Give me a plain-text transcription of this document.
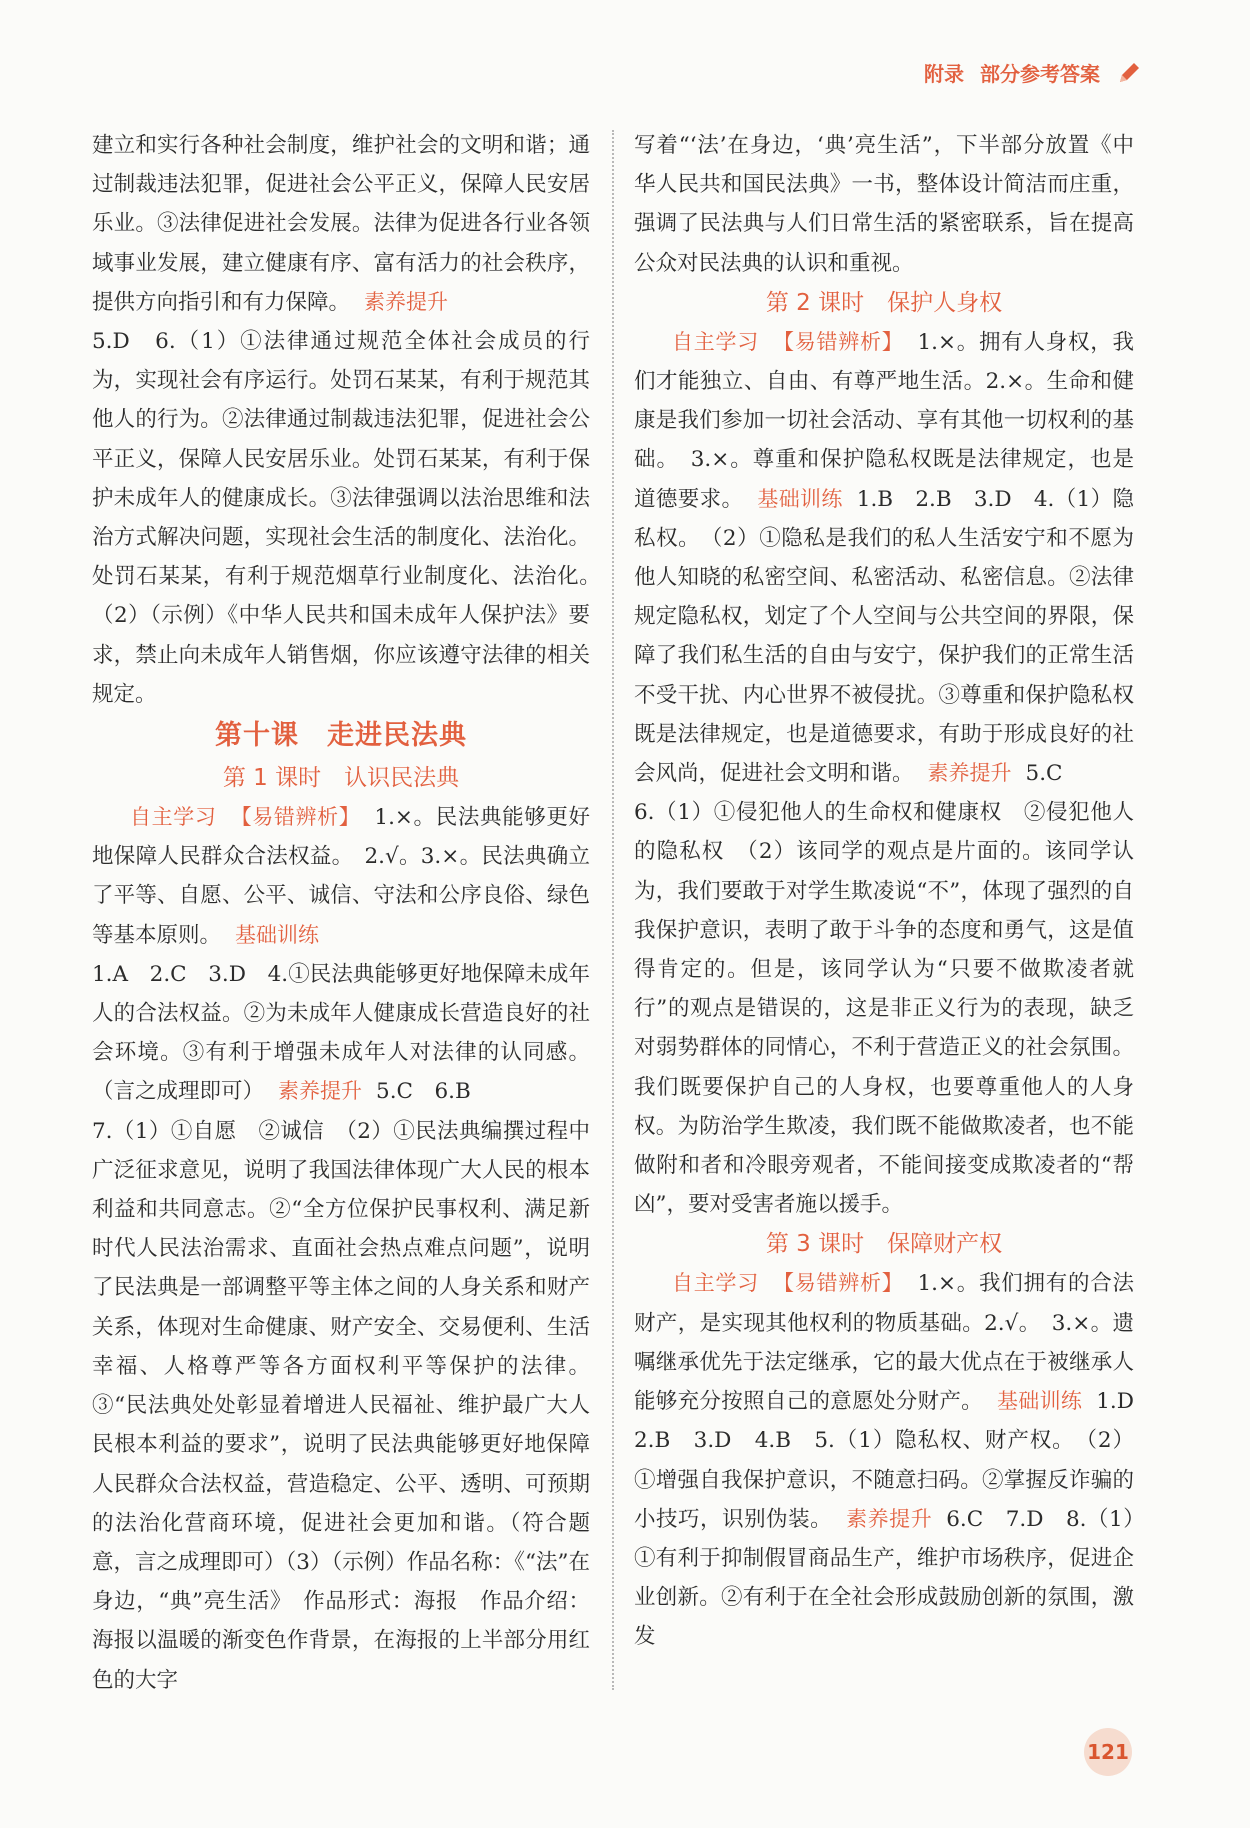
附录 部分参考答案

建立和实行各种社会制度，维护社会的文明和谐；通过制裁违法犯罪，促进社会公平正义，保障人民安居乐业。③法律促进社会发展。法律为促进各行业各领域事业发展，建立健康有序、富有活力的社会秩序，提供方向指引和有力保障。 素养提升

5.D　6.（1）①法律通过规范全体社会成员的行为，实现社会有序运行。处罚石某某，有利于规范其他人的行为。②法律通过制裁违法犯罪，促进社会公平正义，保障人民安居乐业。处罚石某某，有利于保护未成年人的健康成长。③法律强调以法治思维和法治方式解决问题，实现社会生活的制度化、法治化。处罚石某某，有利于规范烟草行业制度化、法治化。　（2）（示例）《中华人民共和国未成年人保护法》要求，禁止向未成年人销售烟，你应该遵守法律的相关规定。

第十课　走进民法典
第 1 课时　认识民法典

自主学习 【易错辨析】 1.×。民法典能够更好地保障人民群众合法权益。　2.√。3.×。民法典确立了平等、自愿、公平、诚信、守法和公序良俗、绿色等基本原则。 基础训练

1.A　2.C　3.D　4.①民法典能够更好地保障未成年人的合法权益。②为未成年人健康成长营造良好的社会环境。③有利于增强未成年人对法律的认同感。（言之成理即可） 素养提升 5.C　6.B

7.（1）①自愿　②诚信　（2）①民法典编撰过程中广泛征求意见，说明了我国法律体现广大人民的根本利益和共同意志。②“全方位保护民事权利、满足新时代人民法治需求、直面社会热点难点问题”，说明了民法典是一部调整平等主体之间的人身关系和财产关系，体现对生命健康、财产安全、交易便利、生活幸福、人格尊严等各方面权利平等保护的法律。③“民法典处处彰显着增进人民福祉、维护最广大人民根本利益的要求”，说明了民法典能够更好地保障人民群众合法权益，营造稳定、公平、透明、可预期的法治化营商环境，促进社会更加和谐。（符合题意，言之成理即可）（3）（示例）作品名称：《“法”在身边，“典”亮生活》　作品形式：海报　作品介绍：海报以温暖的渐变色作背景，在海报的上半部分用红色的大字

写着“‘法’在身边，‘典’亮生活”，下半部分放置《中华人民共和国民法典》一书，整体设计简洁而庄重，强调了民法典与人们日常生活的紧密联系，旨在提高公众对民法典的认识和重视。

第 2 课时　保护人身权

自主学习 【易错辨析】 1.×。拥有人身权，我们才能独立、自由、有尊严地生活。2.×。生命和健康是我们参加一切社会活动、享有其他一切权利的基础。　3.×。尊重和保护隐私权既是法律规定，也是道德要求。 基础训练 1.B　2.B　3.D　4.（1）隐私权。　（2）①隐私是我们的私人生活安宁和不愿为他人知晓的私密空间、私密活动、私密信息。②法律规定隐私权，划定了个人空间与公共空间的界限，保障了我们私生活的自由与安宁，保护我们的正常生活不受干扰、内心世界不被侵扰。③尊重和保护隐私权既是法律规定，也是道德要求，有助于形成良好的社会风尚，促进社会文明和谐。 素养提升 5.C

6.（1）①侵犯他人的生命权和健康权　②侵犯他人的隐私权　（2）该同学的观点是片面的。该同学认为，我们要敢于对学生欺凌说“不”，体现了强烈的自我保护意识，表明了敢于斗争的态度和勇气，这是值得肯定的。但是，该同学认为“只要不做欺凌者就行”的观点是错误的，这是非正义行为的表现，缺乏对弱势群体的同情心，不利于营造正义的社会氛围。我们既要保护自己的人身权，也要尊重他人的人身权。为防治学生欺凌，我们既不能做欺凌者，也不能做附和者和冷眼旁观者，不能间接变成欺凌者的“帮凶”，要对受害者施以援手。

第 3 课时　保障财产权

自主学习 【易错辨析】 1.×。我们拥有的合法财产，是实现其他权利的物质基础。2.√。　3.×。遗嘱继承优先于法定继承，它的最大优点在于被继承人能够充分按照自己的意愿处分财产。 基础训练 1.D　2.B　3.D　4.B　5.（1）隐私权、财产权。　（2）①增强自我保护意识，不随意扫码。②掌握反诈骗的小技巧，识别伪装。 素养提升 6.C　7.D　8.（1）①有利于抑制假冒商品生产，维护市场秩序，促进企业创新。②有利于在全社会形成鼓励创新的氛围，激发

121
